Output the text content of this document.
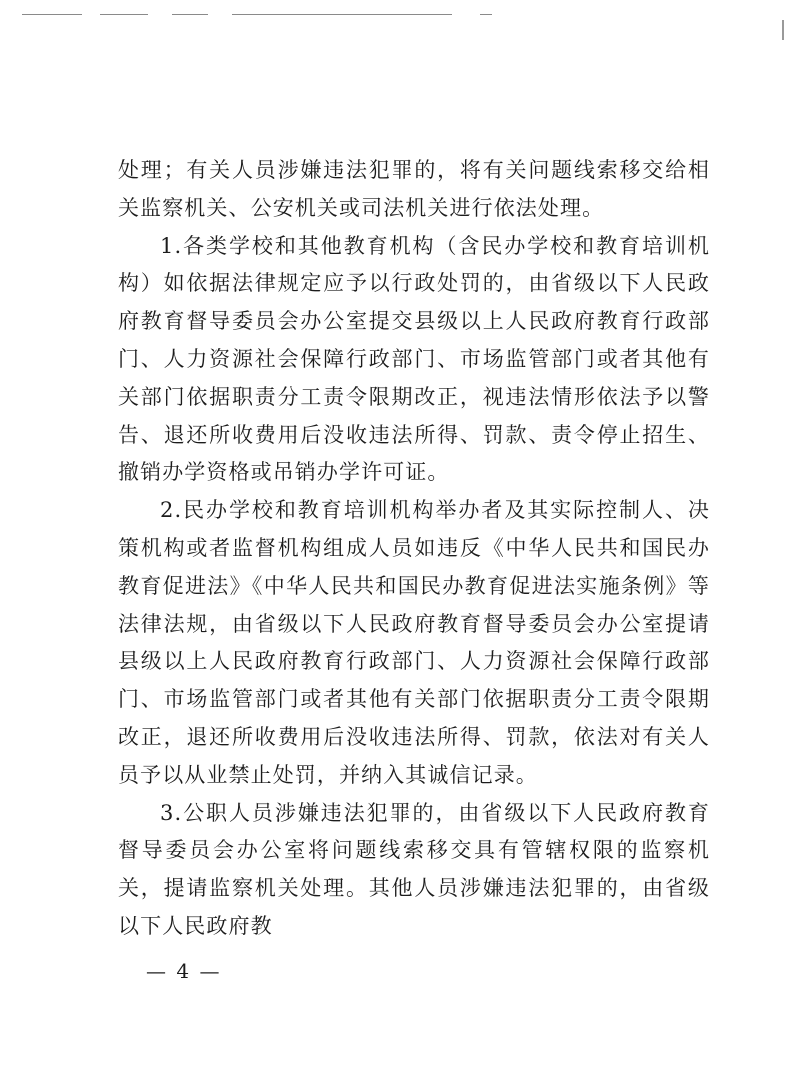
处理；有关人员涉嫌违法犯罪的，将有关问题线索移交给相关监察机关、公安机关或司法机关进行依法处理。

1.各类学校和其他教育机构（含民办学校和教育培训机构）如依据法律规定应予以行政处罚的，由省级以下人民政府教育督导委员会办公室提交县级以上人民政府教育行政部门、人力资源社会保障行政部门、市场监管部门或者其他有关部门依据职责分工责令限期改正，视违法情形依法予以警告、退还所收费用后没收违法所得、罚款、责令停止招生、撤销办学资格或吊销办学许可证。

2.民办学校和教育培训机构举办者及其实际控制人、决策机构或者监督机构组成人员如违反《中华人民共和国民办教育促进法》《中华人民共和国民办教育促进法实施条例》等法律法规，由省级以下人民政府教育督导委员会办公室提请县级以上人民政府教育行政部门、人力资源社会保障行政部门、市场监管部门或者其他有关部门依据职责分工责令限期改正，退还所收费用后没收违法所得、罚款，依法对有关人员予以从业禁止处罚，并纳入其诚信记录。

3.公职人员涉嫌违法犯罪的，由省级以下人民政府教育督导委员会办公室将问题线索移交具有管辖权限的监察机关，提请监察机关处理。其他人员涉嫌违法犯罪的，由省级以下人民政府教

— 4 —
